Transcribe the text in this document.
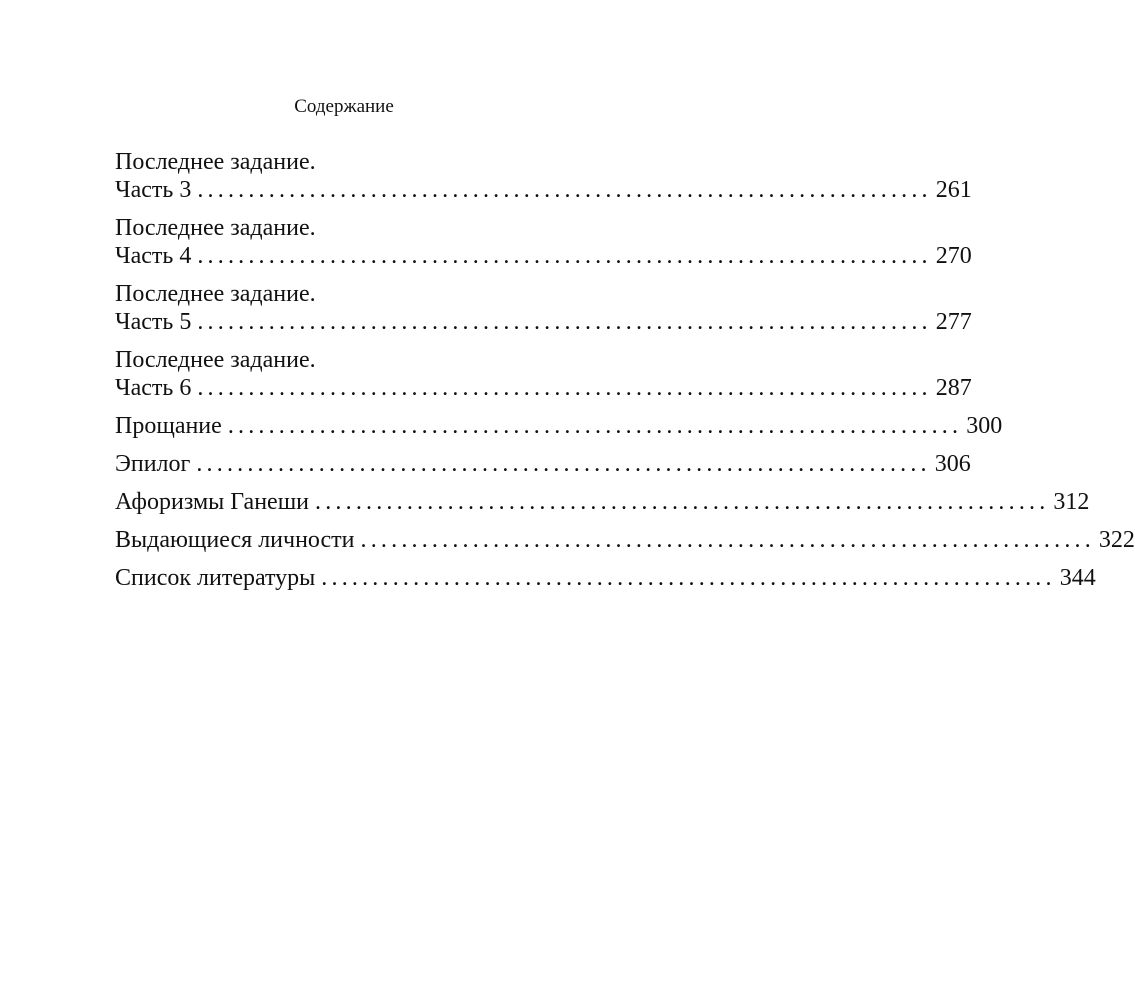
Содержание
Последнее задание.
Часть 3 ........................................................................ 261
Последнее задание.
Часть 4 ........................................................................ 270
Последнее задание.
Часть 5 ........................................................................ 277
Последнее задание.
Часть 6 ........................................................................ 287
Прощание ........................................................................ 300
Эпилог ........................................................................ 306
Афоризмы Ганеши ........................................................................ 312
Выдающиеся личности ........................................................................ 322
Список литературы ........................................................................ 344
